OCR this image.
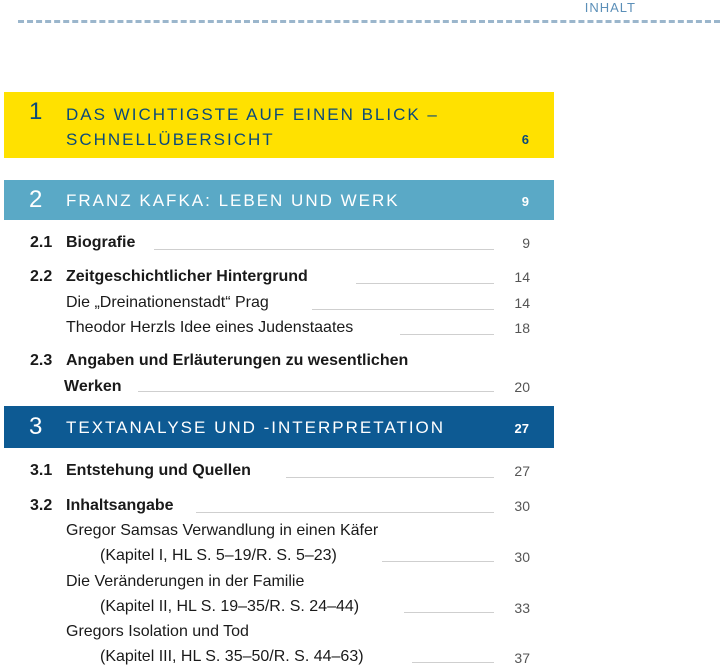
INHALT
1 DAS WICHTIGSTE AUF EINEN BLICK –
SCHNELLÜBERSICHT	6
2 FRANZ KAFKA: LEBEN UND WERK	9
2.1 Biografie	9
2.2 Zeitgeschichtlicher Hintergrund	14
Die „Dreinationenstadt“ Prag	14
Theodor Herzls Idee eines Judenstaates	18
2.3 Angaben und Erläuterungen zu wesentlichen
Werken	20
3 TEXTANALYSE UND -INTERPRETATION	27
3.1 Entstehung und Quellen	27
3.2 Inhaltsangabe	30
Gregor Samsas Verwandlung in einen Käfer
(Kapitel I, HL S. 5–19/R. S. 5–23)	30
Die Veränderungen in der Familie
(Kapitel II, HL S. 19–35/R. S. 24–44)	33
Gregors Isolation und Tod
(Kapitel III, HL S. 35–50/R. S. 44–63)	37
